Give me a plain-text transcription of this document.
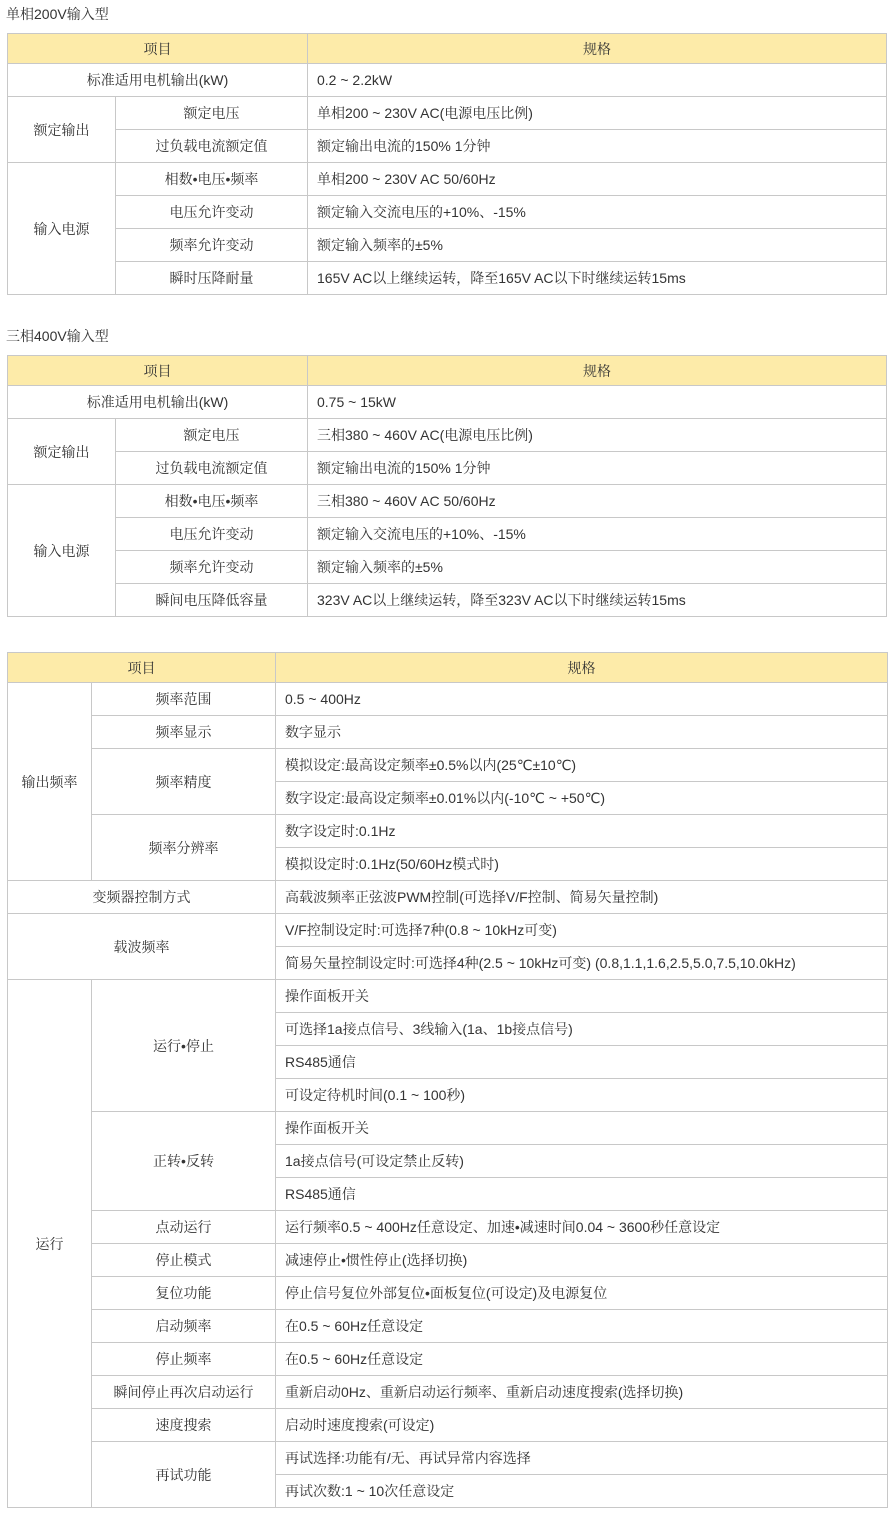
单相200V输入型
项目		规格
标准适用电机输出(kW)		0.2 ~ 2.2kW
额定输出	额定电压	单相200 ~ 230V AC(电源电压比例)
	过负载电流额定值	额定输出电流的150% 1分钟
输入电源	相数•电压•频率	单相200 ~ 230V AC 50/60Hz
	电压允许变动	额定输入交流电压的+10%、-15%
	频率允许变动	额定输入频率的±5%
	瞬时压降耐量	165V AC以上继续运转，降至165V AC以下时继续运转15ms
三相400V输入型
项目		规格
标准适用电机输出(kW)		0.75 ~ 15kW
额定输出	额定电压	三相380 ~ 460V AC(电源电压比例)
	过负载电流额定值	额定输出电流的150% 1分钟
输入电源	相数•电压•频率	三相380 ~ 460V AC 50/60Hz
	电压允许变动	额定输入交流电压的+10%、-15%
	频率允许变动	额定输入频率的±5%
	瞬间电压降低容量	323V AC以上继续运转，降至323V AC以下时继续运转15ms
项目		规格
输出频率	频率范围	0.5 ~ 400Hz
	频率显示	数字显示
	频率精度	模拟设定:最高设定频率±0.5%以内(25℃±10℃)
		数字设定:最高设定频率±0.01%以内(-10℃ ~ +50℃)
	频率分辨率	数字设定时:0.1Hz
		模拟设定时:0.1Hz(50/60Hz模式时)
变频器控制方式		高载波频率正弦波PWM控制(可选择V/F控制、简易矢量控制)
载波频率		V/F控制设定时:可选择7种(0.8 ~ 10kHz可变)
		简易矢量控制设定时:可选择4种(2.5 ~ 10kHz可变) (0.8,1.1,1.6,2.5,5.0,7.5,10.0kHz)
运行	运行•停止	操作面板开关
		可选择1a接点信号、3线输入(1a、1b接点信号)
		RS485通信
		可设定待机时间(0.1 ~ 100秒)
	正转•反转	操作面板开关
		1a接点信号(可设定禁止反转)
		RS485通信
	点动运行	运行频率0.5 ~ 400Hz任意设定、加速•减速时间0.04 ~ 3600秒任意设定
	停止模式	减速停止•惯性停止(选择切换)
	复位功能	停止信号复位外部复位•面板复位(可设定)及电源复位
	启动频率	在0.5 ~ 60Hz任意设定
	停止频率	在0.5 ~ 60Hz任意设定
	瞬间停止再次启动运行	重新启动0Hz、重新启动运行频率、重新启动速度搜索(选择切换)
	速度搜索	启动时速度搜索(可设定)
	再试功能	再试选择:功能有/无、再试异常内容选择
		再试次数:1 ~ 10次任意设定
